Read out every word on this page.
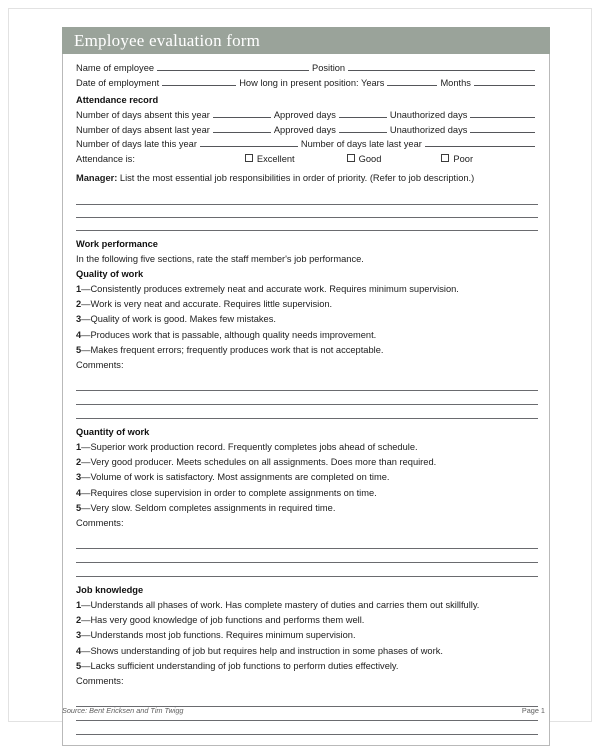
Employee evaluation form
Name of employee	Position
Date of employment	How long in present position: Years	Months
Attendance record
Number of days absent this year	Approved days	Unauthorized days
Number of days absent last year	Approved days	Unauthorized days
Number of days late this year	Number of days late last year
Attendance is:	Excellent	Good	Poor
Manager: List the most essential job responsibilities in order of priority. (Refer to job description.)
Work performance
In the following five sections, rate the staff member's job performance.
Quality of work
1—Consistently produces extremely neat and accurate work. Requires minimum supervision.
2—Work is very neat and accurate. Requires little supervision.
3—Quality of work is good. Makes few mistakes.
4—Produces work that is passable, although quality needs improvement.
5—Makes frequent errors; frequently produces work that is not acceptable.
Comments:
Quantity of work
1—Superior work production record. Frequently completes jobs ahead of schedule.
2—Very good producer. Meets schedules on all assignments. Does more than required.
3—Volume of work is satisfactory. Most assignments are completed on time.
4—Requires close supervision in order to complete assignments on time.
5—Very slow. Seldom completes assignments in required time.
Comments:
Job knowledge
1—Understands all phases of work. Has complete mastery of duties and carries them out skillfully.
2—Has very good knowledge of job functions and performs them well.
3—Understands most job functions. Requires minimum supervision.
4—Shows understanding of job but requires help and instruction in some phases of work.
5—Lacks sufficient understanding of job functions to perform duties effectively.
Comments:
Source: Bent Ericksen and Tim Twigg	Page 1
